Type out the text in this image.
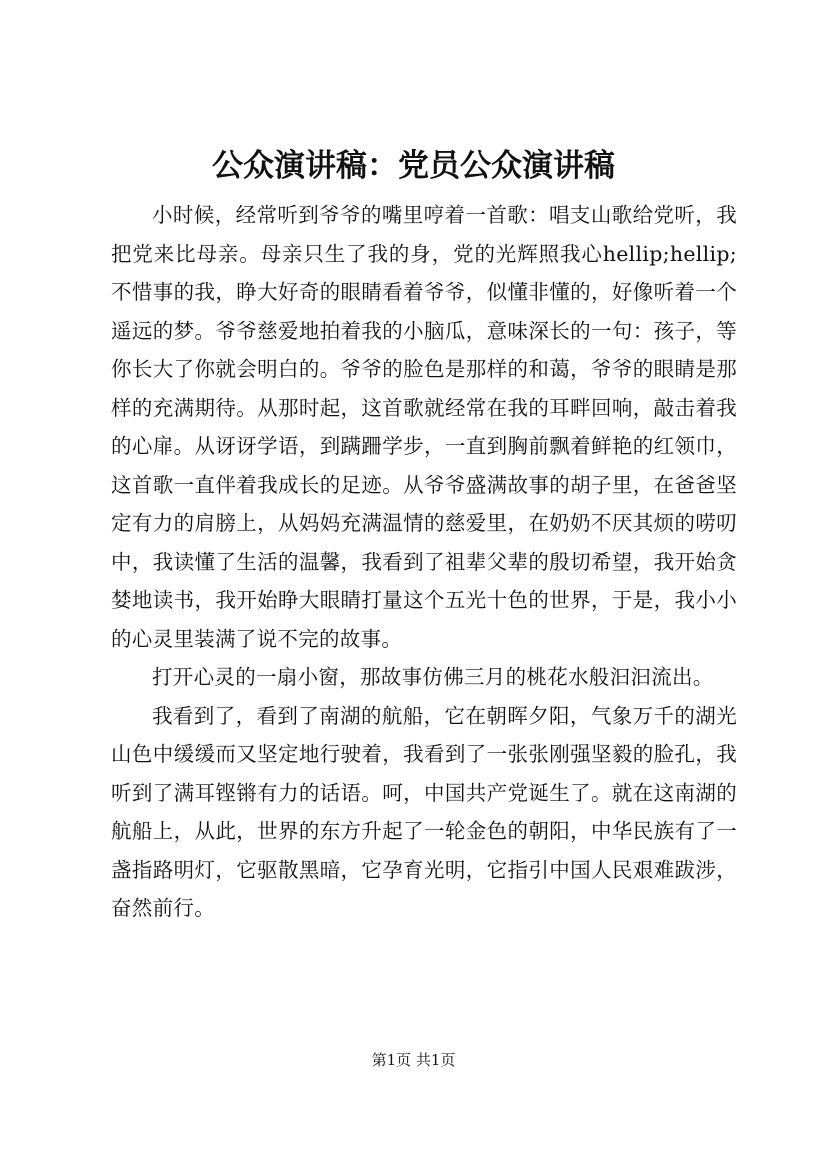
公众演讲稿：党员公众演讲稿

小时候，经常听到爷爷的嘴里哼着一首歌：唱支山歌给党听，我把党来比母亲。母亲只生了我的身，党的光辉照我心hellip;hellip;不惜事的我，睁大好奇的眼睛看着爷爷，似懂非懂的，好像听着一个遥远的梦。爷爷慈爱地拍着我的小脑瓜，意味深长的一句：孩子，等你长大了你就会明白的。爷爷的脸色是那样的和蔼，爷爷的眼睛是那样的充满期待。从那时起，这首歌就经常在我的耳畔回响，敲击着我的心扉。从讶讶学语，到蹒跚学步，一直到胸前飘着鲜艳的红领巾，这首歌一直伴着我成长的足迹。从爷爷盛满故事的胡子里，在爸爸坚定有力的肩膀上，从妈妈充满温情的慈爱里，在奶奶不厌其烦的唠叨中，我读懂了生活的温馨，我看到了祖辈父辈的殷切希望，我开始贪婪地读书，我开始睁大眼睛打量这个五光十色的世界，于是，我小小的心灵里装满了说不完的故事。

打开心灵的一扇小窗，那故事仿佛三月的桃花水般汩汩流出。

我看到了，看到了南湖的航船，它在朝晖夕阳，气象万千的湖光山色中缓缓而又坚定地行驶着，我看到了一张张刚强坚毅的脸孔，我听到了满耳铿锵有力的话语。呵，中国共产党诞生了。就在这南湖的航船上，从此，世界的东方升起了一轮金色的朝阳，中华民族有了一盏指路明灯，它驱散黑暗，它孕育光明，它指引中国人民艰难跋涉，奋然前行。

第1页 共1页
